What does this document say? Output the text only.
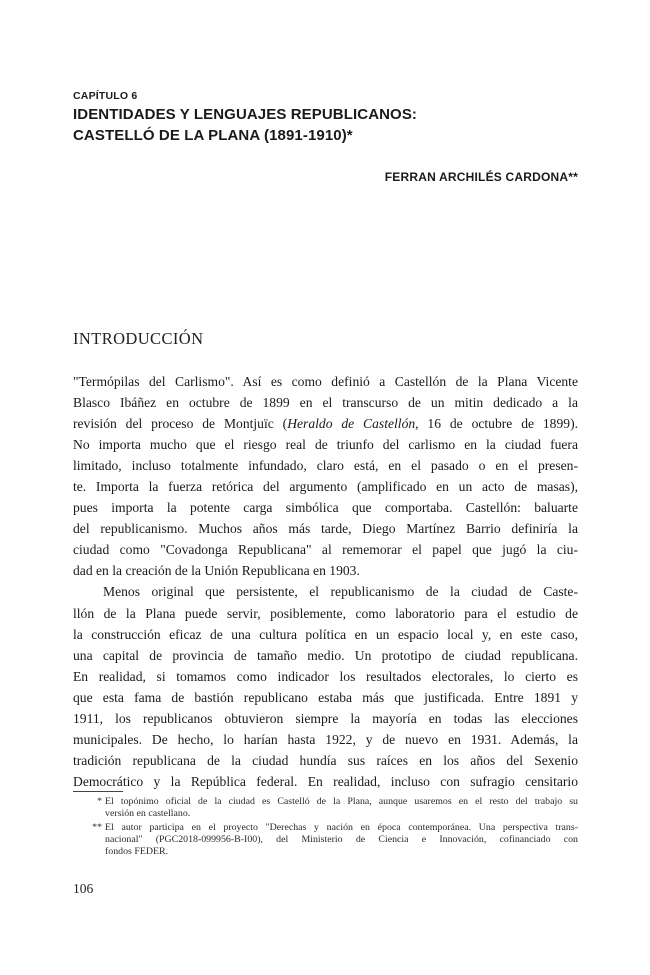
CAPÍTULO 6
IDENTIDADES Y LENGUAJES REPUBLICANOS:
CASTELLÓ DE LA PLANA (1891-1910)*
FERRAN ARCHILÉS CARDONA**
INTRODUCCIÓN
"Termópilas del Carlismo". Así es como definió a Castellón de la Plana Vicente
Blasco Ibáñez en octubre de 1899 en el transcurso de un mitin dedicado a la
revisión del proceso de Montjuïc (Heraldo de Castellón, 16 de octubre de 1899).
No importa mucho que el riesgo real de triunfo del carlismo en la ciudad fuera
limitado, incluso totalmente infundado, claro está, en el pasado o en el presen-
te. Importa la fuerza retórica del argumento (amplificado en un acto de masas),
pues importa la potente carga simbólica que comportaba. Castellón: baluarte
del republicanismo. Muchos años más tarde, Diego Martínez Barrio definiría la
ciudad como "Covadonga Republicana" al rememorar el papel que jugó la ciu-
dad en la creación de la Unión Republicana en 1903.
Menos original que persistente, el republicanismo de la ciudad de Caste-
llón de la Plana puede servir, posiblemente, como laboratorio para el estudio de
la construcción eficaz de una cultura política en un espacio local y, en este caso,
una capital de provincia de tamaño medio. Un prototipo de ciudad republicana.
En realidad, si tomamos como indicador los resultados electorales, lo cierto es
que esta fama de bastión republicano estaba más que justificada. Entre 1891 y
1911, los republicanos obtuvieron siempre la mayoría en todas las elecciones
municipales. De hecho, lo harían hasta 1922, y de nuevo en 1931. Además, la
tradición republicana de la ciudad hundía sus raíces en los años del Sexenio
Democrático y la República federal. En realidad, incluso con sufragio censitario
* El topónimo oficial de la ciudad es Castelló de la Plana, aunque usaremos en el resto del trabajo su
versión en castellano.
** El autor participa en el proyecto "Derechas y nación en época contemporánea. Una perspectiva trans-
nacional" (PGC2018-099956-B-I00), del Ministerio de Ciencia e Innovación, cofinanciado con
fondos FEDER.
106
